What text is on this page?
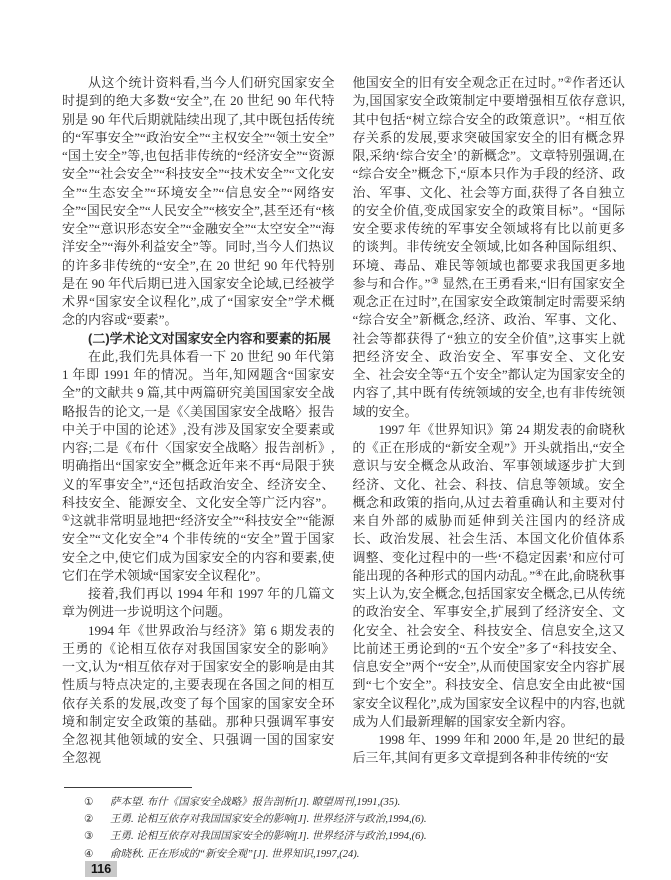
从这个统计资料看,当今人们研究国家安全时提到的绝大多数“安全”,在 20 世纪 90 年代特别是 90 年代后期就陆续出现了,其中既包括传统的“军事安全”“政治安全”“主权安全”“领土安全”“国土安全”等,也包括非传统的“经济安全”“资源安全”“社会安全”“科技安全”“技术安全”“文化安全”“生态安全”“环境安全”“信息安全”“网络安全”“国民安全”“人民安全”“核安全”,甚至还有“核安全”“意识形态安全”“金融安全”“太空安全”“海洋安全”“海外利益安全”等。同时,当今人们热议的许多非传统的“安全”,在 20 世纪 90 年代特别是在 90 年代后期已进入国家安全论域,已经被学术界“国家安全议程化”,成了“国家安全”学术概念的内容或“要素”。

(二)学术论文对国家安全内容和要素的拓展

在此,我们先具体看一下 20 世纪 90 年代第 1 年即 1991 年的情况。当年,知网题含“国家安全”的文献共 9 篇,其中两篇研究美国国家安全战略报告的论文,一是《〈美国国家安全战略〉报告中关于中国的论述》,没有涉及国家安全要素或内容;二是《布什〈国家安全战略〉报告剖析》,明确指出“国家安全”概念近年来不再“局限于狭义的军事安全”,“还包括政治安全、经济安全、科技安全、能源安全、文化安全等广泛内容”。①这就非常明显地把“经济安全”“科技安全”“能源安全”“文化安全”4 个非传统的“安全”置于国家安全之中,使它们成为国家安全的内容和要素,使它们在学术领域“国家安全议程化”。

接着,我们再以 1994 年和 1997 年的几篇文章为例进一步说明这个问题。

1994 年《世界政治与经济》第 6 期发表的王勇的《论相互依存对我国国家安全的影响》一文,认为“相互依存对于国家安全的影响是由其性质与特点决定的,主要表现在各国之间的相互依存关系的发展,改变了每个国家的国家安全环境和制定安全政策的基础。那种只强调军事安全忽视其他领域的安全、只强调一国的国家安全忽视

他国安全的旧有安全观念正在过时。”②作者还认为,国国家安全政策制定中要增强相互依存意识,其中包括“树立综合安全的政策意识”。“相互依存关系的发展,要求突破国家安全的旧有概念界限,采纳‘综合安全’的新概念”。文章特别强调,在“综合安全”概念下,“原本只作为手段的经济、政治、军事、文化、社会等方面,获得了各自独立的安全价值,变成国家安全的政策目标”。“国际安全要求传统的军事安全领域将有比以前更多的谈判。非传统安全领域,比如各种国际组织、环境、毒品、难民等领域也都要求我国更多地参与和合作。”③ 显然,在王勇看来,“旧有国家安全观念正在过时”,在国家安全政策制定时需要采纳“综合安全”新概念,经济、政治、军事、文化、社会等都获得了“独立的安全价值”,这事实上就把经济安全、政治安全、军事安全、文化安全、社会安全等“五个安全”都认定为国家安全的内容了,其中既有传统领域的安全,也有非传统领域的安全。

1997 年《世界知识》第 24 期发表的俞晓秋的《正在形成的“新安全观”》开头就指出,“安全意识与安全概念从政治、军事领域逐步扩大到经济、文化、社会、科技、信息等领域。安全概念和政策的指向,从过去着重确认和主要对付来自外部的威胁而延伸到关注国内的经济成长、政治发展、社会生活、本国文化价值体系调整、变化过程中的一些‘不稳定因素’和应付可能出现的各种形式的国内动乱。”④在此,俞晓秋事实上认为,安全概念,包括国家安全概念,已从传统的政治安全、军事安全,扩展到了经济安全、文化安全、社会安全、科技安全、信息安全,这又比前述王勇论到的“五个安全”多了“科技安全、信息安全”两个“安全”,从而使国家安全内容扩展到“七个安全”。科技安全、信息安全由此被“国家安全议程化”,成为国家安全议程中的内容,也就成为人们最新理解的国家安全新内容。

1998 年、1999 年和 2000 年,是 20 世纪的最后三年,其间有更多文章提到各种非传统的“安

①	萨本望. 布什《国家安全战略》报告剖析[J]. 瞭望周刊,1991,(35).
②	王勇. 论相互依存对我国国家安全的影响[J]. 世界经济与政治,1994,(6).
③	王勇. 论相互依存对我国国家安全的影响[J]. 世界经济与政治,1994,(6).
④	俞晓秋. 正在形成的“新安全观”[J]. 世界知识,1997,(24).
116
